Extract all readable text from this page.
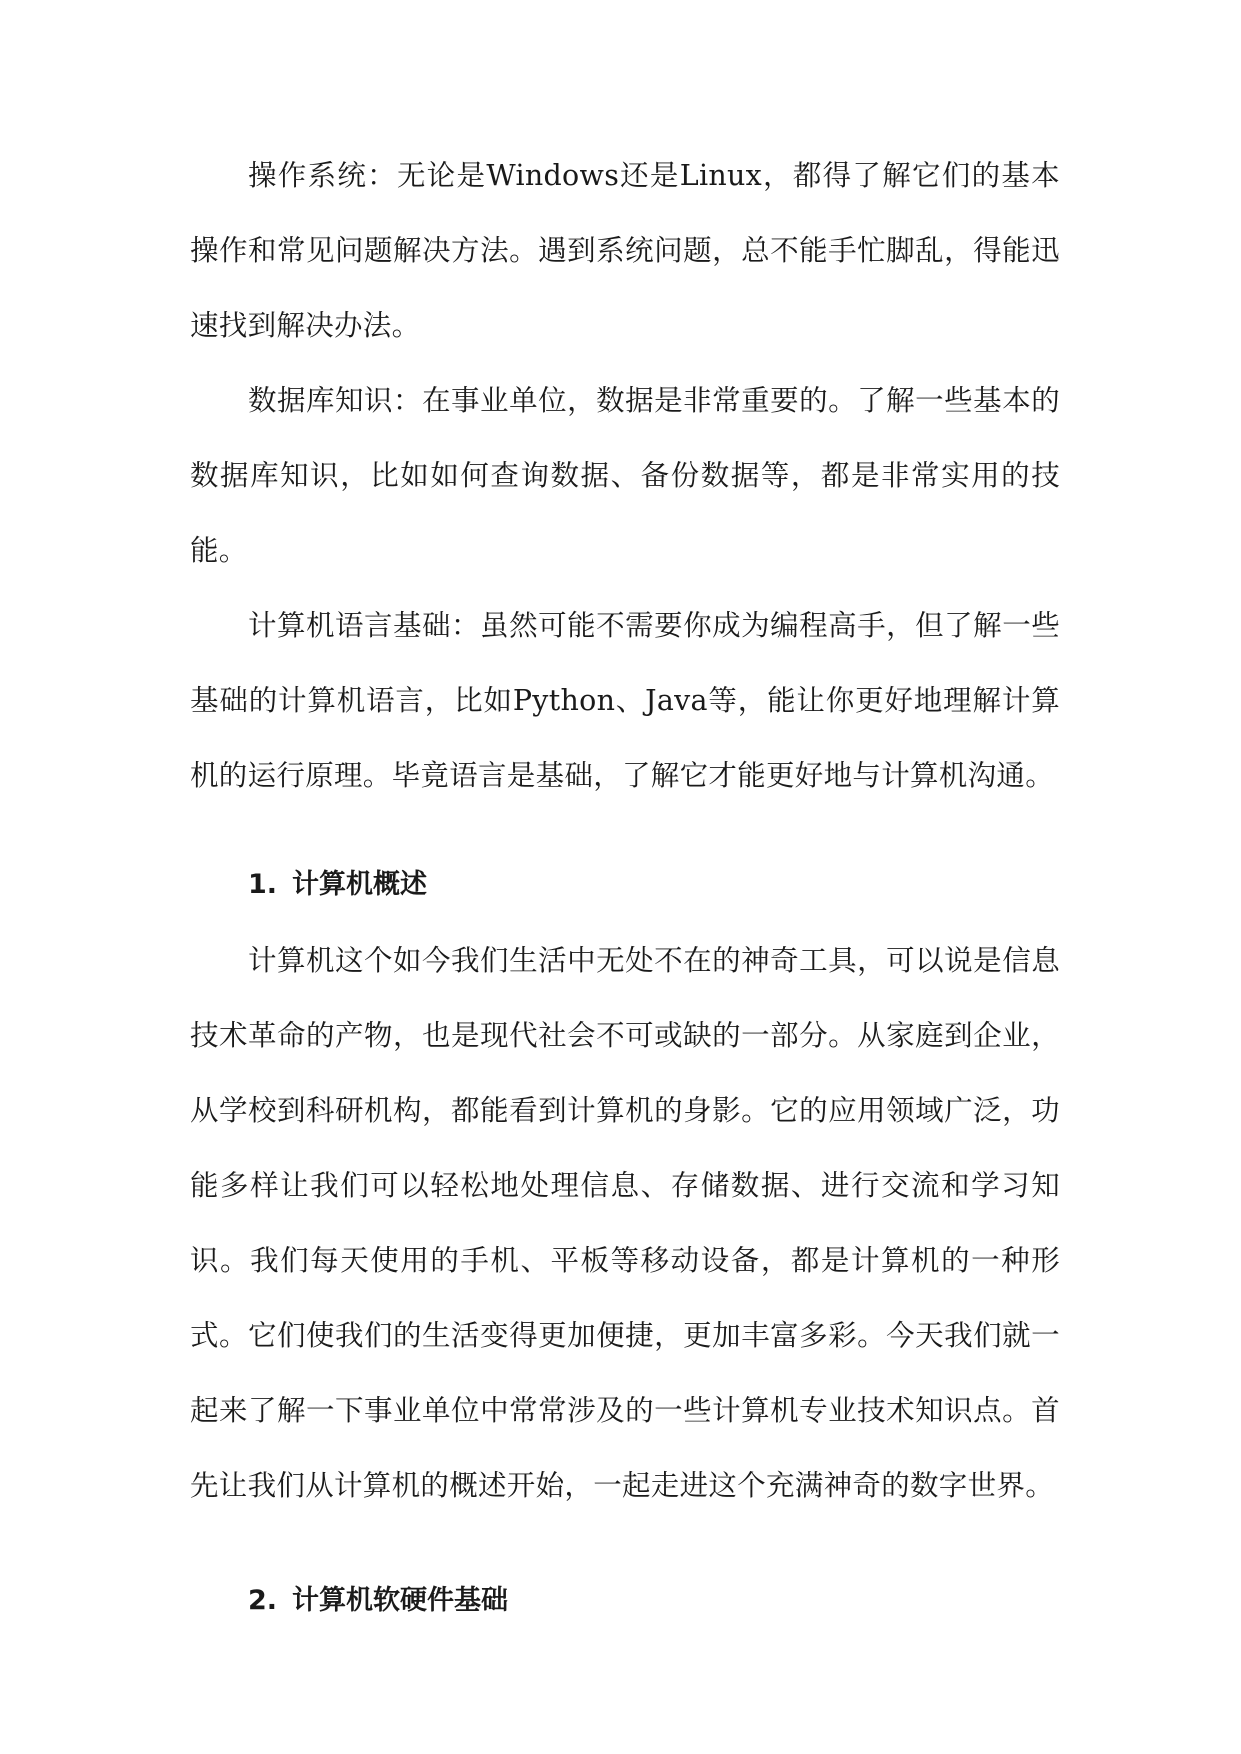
操作系统：无论是Windows还是Linux，都得了解它们的基本操作和常见问题解决方法。遇到系统问题，总不能手忙脚乱，得能迅速找到解决办法。

数据库知识：在事业单位，数据是非常重要的。了解一些基本的数据库知识，比如如何查询数据、备份数据等，都是非常实用的技能。

计算机语言基础：虽然可能不需要你成为编程高手，但了解一些基础的计算机语言，比如Python、Java等，能让你更好地理解计算机的运行原理。毕竟语言是基础，了解它才能更好地与计算机沟通。

1. 计算机概述

计算机这个如今我们生活中无处不在的神奇工具，可以说是信息技术革命的产物，也是现代社会不可或缺的一部分。从家庭到企业，从学校到科研机构，都能看到计算机的身影。它的应用领域广泛，功能多样让我们可以轻松地处理信息、存储数据、进行交流和学习知识。我们每天使用的手机、平板等移动设备，都是计算机的一种形式。它们使我们的生活变得更加便捷，更加丰富多彩。今天我们就一起来了解一下事业单位中常常涉及的一些计算机专业技术知识点。首先让我们从计算机的概述开始，一起走进这个充满神奇的数字世界。

2. 计算机软硬件基础
